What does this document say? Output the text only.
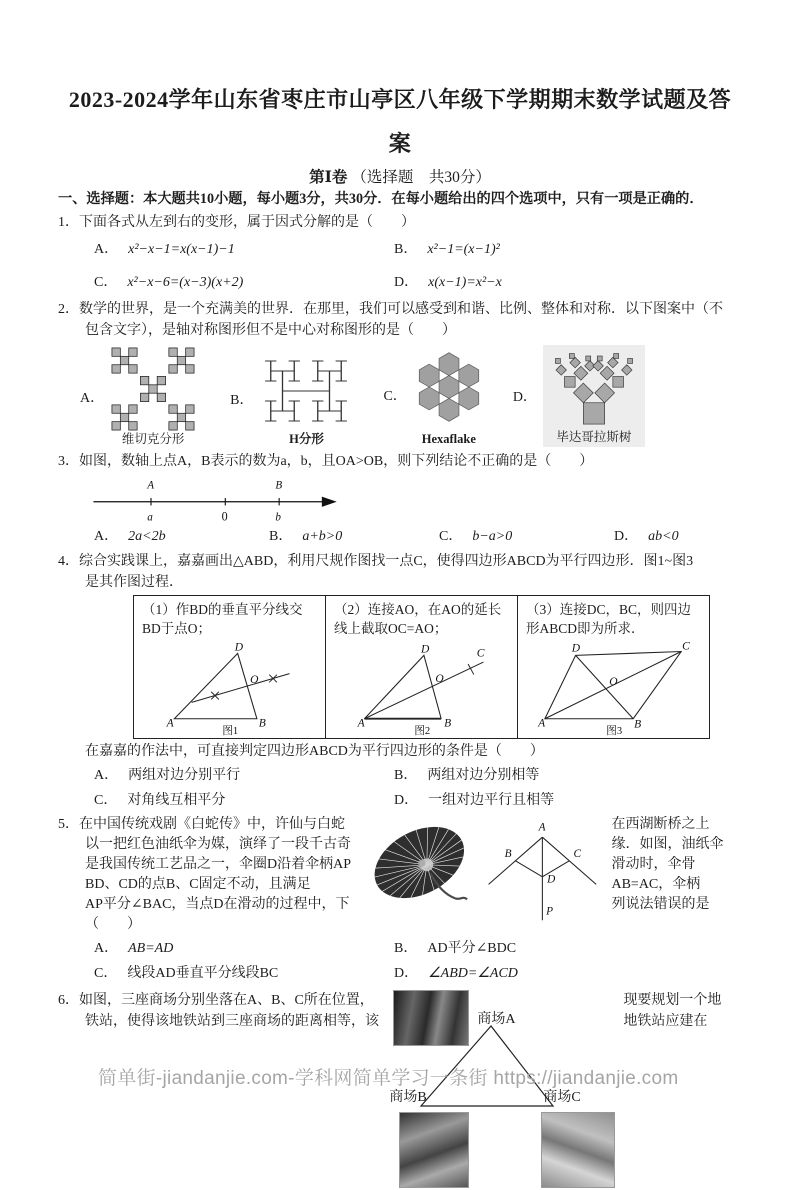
2023-2024学年山东省枣庄市山亭区八年级下学期期末数学试题及答
案
第Ⅰ卷 （选择题　共30分）
一、选择题：本大题共10小题，每小题3分，共30分．在每小题给出的四个选项中，只有一项是正确的．
1．下面各式从左到右的变形，属于因式分解的是（　　）
A． x²−x−1=x(x−1)−1	B． x²−1=(x−1)²
C． x²−x−6=(x−3)(x+2)	D． x(x−1)=x²−x
2．数学的世界，是一个充满美的世界．在那里，我们可以感受到和谐、比例、整体和对称．以下图案中（不
包含文字），是轴对称图形但不是中心对称图形的是（　　）
A．
维切克分形
B．
H分形
C．
Hexaflake
D．
毕达哥拉斯树
3．如图，数轴上点A，B表示的数为a，b，且OA>OB，则下列结论不正确的是（　　）
A	B
a	0	b
A． 2a<2b	B． a+b>0	C． b−a>0	D． ab<0
4．综合实践课上，嘉嘉画出△ABD，利用尺规作图找一点C，使得四边形ABCD为平行四边形．图1~图3
是其作图过程．
（1）作BD的垂直平分线交BD于点O；
A
D
B
O
图1

（2）连接AO，在AO的延长线上截取OC=AO；
A
D
B
O
C
图2

（3）连接DC，BC，则四边形ABCD即为所求．
A
D	C
B
O
图3
在嘉嘉的作法中，可直接判定四边形ABCD为平行四边形的条件是（　　）
A． 两组对边分别平行	B． 两组对边分别相等
C． 对角线互相平分	D． 一组对边平行且相等
5．在中国传统戏剧《白蛇传》中，许仙与白蛇
以一把红色油纸伞为媒，演绎了一段千古奇
是我国传统工艺品之一，伞圈D沿着伞柄AP
BD、CD的点B、C固定不动，且满足
AP平分∠BAC，当点D在滑动的过程中，下
（　　）
A
B	C
D
P
在西湖断桥之上
缘．如图，油纸伞
滑动时，伞骨
AB=AC，伞柄
列说法错误的是
A． AB=AD	B． AD平分∠BDC
C． 线段AD垂直平分线段BC	D． ∠ABD=∠ACD
6．如图，三座商场分别坐落在A、B、C所在位置，
铁站，使得该地铁站到三座商场的距离相等，该	商场A
商场B	商场C
现要规划一个地
地铁站应建在
简单街-jiandanjie.com-学科网简单学习一条街 https://jiandanjie.com
